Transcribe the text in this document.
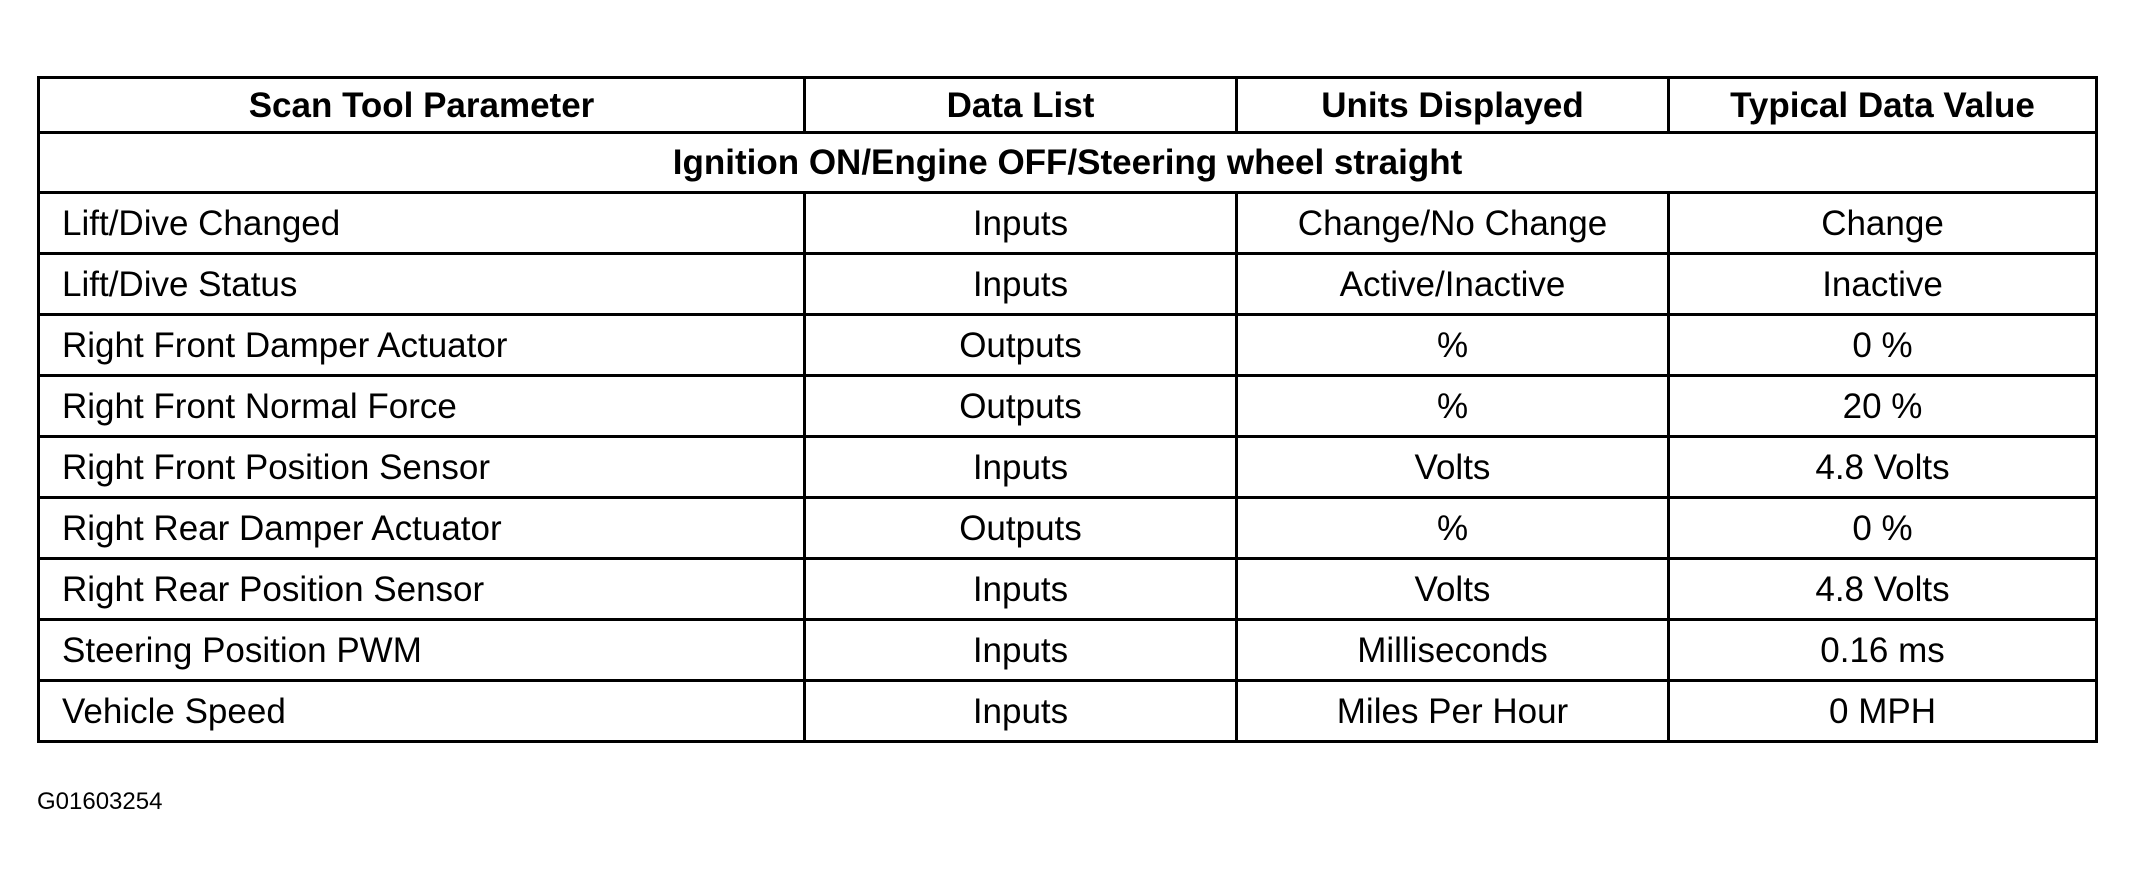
Scan Tool Parameter	Data List	Units Displayed	Typical Data Value
Ignition ON/Engine OFF/Steering wheel straight			
Lift/Dive Changed	Inputs	Change/No Change	Change
Lift/Dive Status	Inputs	Active/Inactive	Inactive
Right Front Damper Actuator	Outputs	%	0 %
Right Front Normal Force	Outputs	%	20 %
Right Front Position Sensor	Inputs	Volts	4.8 Volts
Right Rear Damper Actuator	Outputs	%	0 %
Right Rear Position Sensor	Inputs	Volts	4.8 Volts
Steering Position PWM	Inputs	Milliseconds	0.16 ms
Vehicle Speed	Inputs	Miles Per Hour	0 MPH
G01603254
